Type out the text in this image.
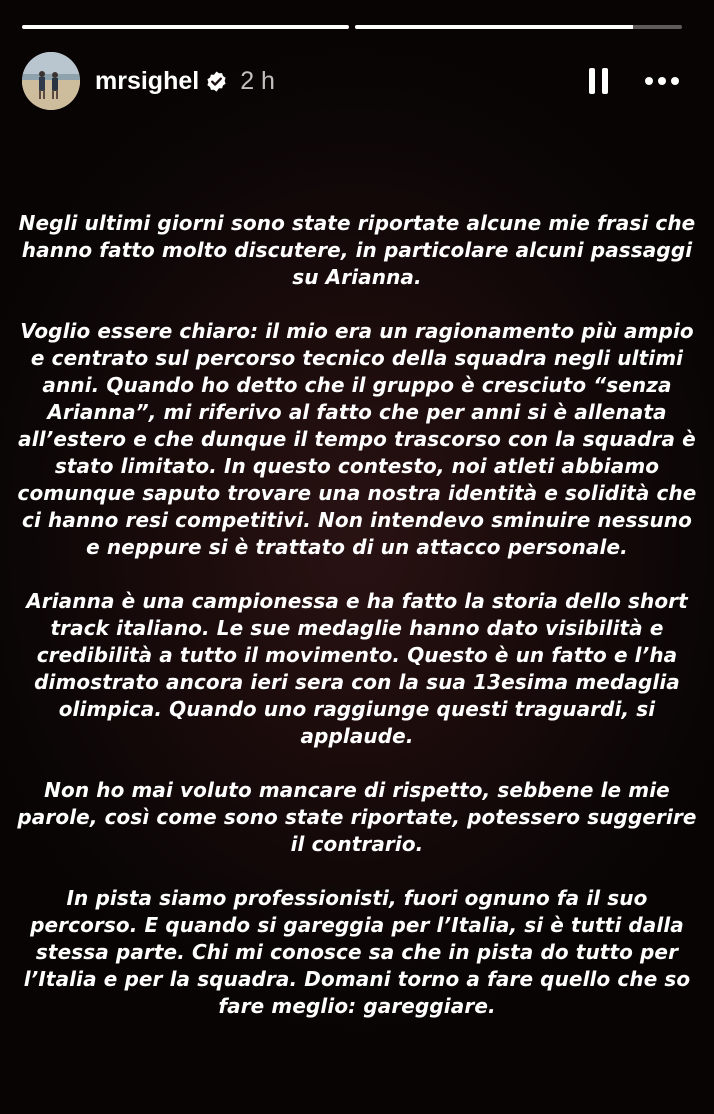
mrsighel 2 h

Negli ultimi giorni sono state riportate alcune mie frasi che hanno fatto molto discutere, in particolare alcuni passaggi su Arianna.

Voglio essere chiaro: il mio era un ragionamento più ampio e centrato sul percorso tecnico della squadra negli ultimi anni. Quando ho detto che il gruppo è cresciuto “senza Arianna”, mi riferivo al fatto che per anni si è allenata all’estero e che dunque il tempo trascorso con la squadra è stato limitato. In questo contesto, noi atleti abbiamo comunque saputo trovare una nostra identità e solidità che ci hanno resi competitivi. Non intendevo sminuire nessuno e neppure si è trattato di un attacco personale.

Arianna è una campionessa e ha fatto la storia dello short track italiano. Le sue medaglie hanno dato visibilità e credibilità a tutto il movimento. Questo è un fatto e l’ha dimostrato ancora ieri sera con la sua 13esima medaglia olimpica. Quando uno raggiunge questi traguardi, si applaude.

Non ho mai voluto mancare di rispetto, sebbene le mie parole, così come sono state riportate, potessero suggerire il contrario.

In pista siamo professionisti, fuori ognuno fa il suo percorso. E quando si gareggia per l’Italia, si è tutti dalla stessa parte. Chi mi conosce sa che in pista do tutto per l’Italia e per la squadra. Domani torno a fare quello che so fare meglio: gareggiare.
